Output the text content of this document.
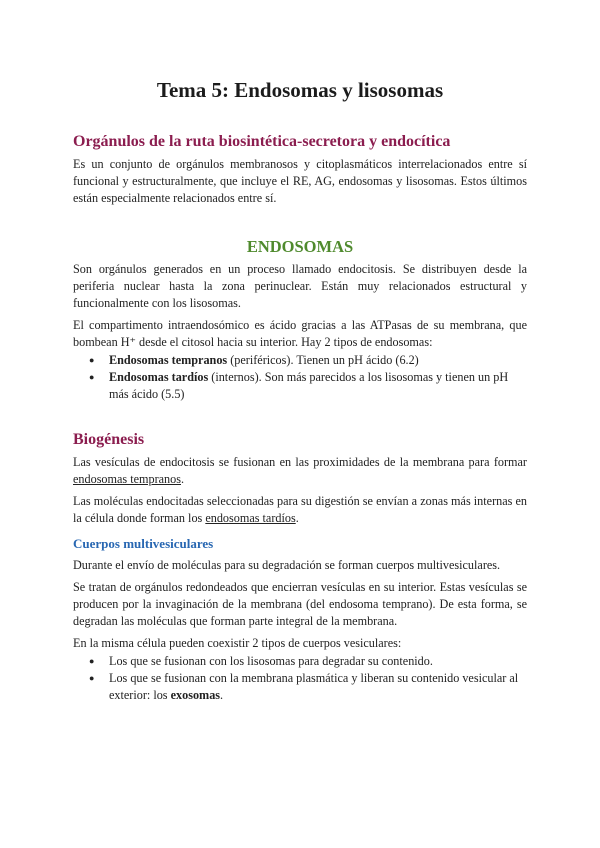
Tema 5: Endosomas y lisosomas
Orgánulos de la ruta biosintética-secretora y endocítica

Es un conjunto de orgánulos membranosos y citoplasmáticos interrelacionados entre sí funcional y estructuralmente, que incluye el RE, AG, endosomas y lisosomas. Estos últimos están especialmente relacionados entre sí.

ENDOSOMAS

Son orgánulos generados en un proceso llamado endocitosis. Se distribuyen desde la periferia nuclear hasta la zona perinuclear. Están muy relacionados estructural y funcionalmente con los lisosomas.

El compartimento intraendosómico es ácido gracias a las ATPasas de su membrana, que bombean H⁺ desde el citosol hacia su interior. Hay 2 tipos de endosomas:

● Endosomas tempranos (periféricos). Tienen un pH ácido (6.2)
● Endosomas tardíos (internos). Son más parecidos a los lisosomas y tienen un pH más ácido (5.5)
Biogénesis

Las vesículas de endocitosis se fusionan en las proximidades de la membrana para formar endosomas tempranos.

Las moléculas endocitadas seleccionadas para su digestión se envían a zonas más internas en la célula donde forman los endosomas tardíos.

Cuerpos multivesiculares

Durante el envío de moléculas para su degradación se forman cuerpos multivesiculares.

Se tratan de orgánulos redondeados que encierran vesículas en su interior. Estas vesículas se producen por la invaginación de la membrana (del endosoma temprano). De esta forma, se degradan las moléculas que forman parte integral de la membrana.

En la misma célula pueden coexistir 2 tipos de cuerpos vesiculares:

● Los que se fusionan con los lisosomas para degradar su contenido.
● Los que se fusionan con la membrana plasmática y liberan su contenido vesicular al exterior: los exosomas.
